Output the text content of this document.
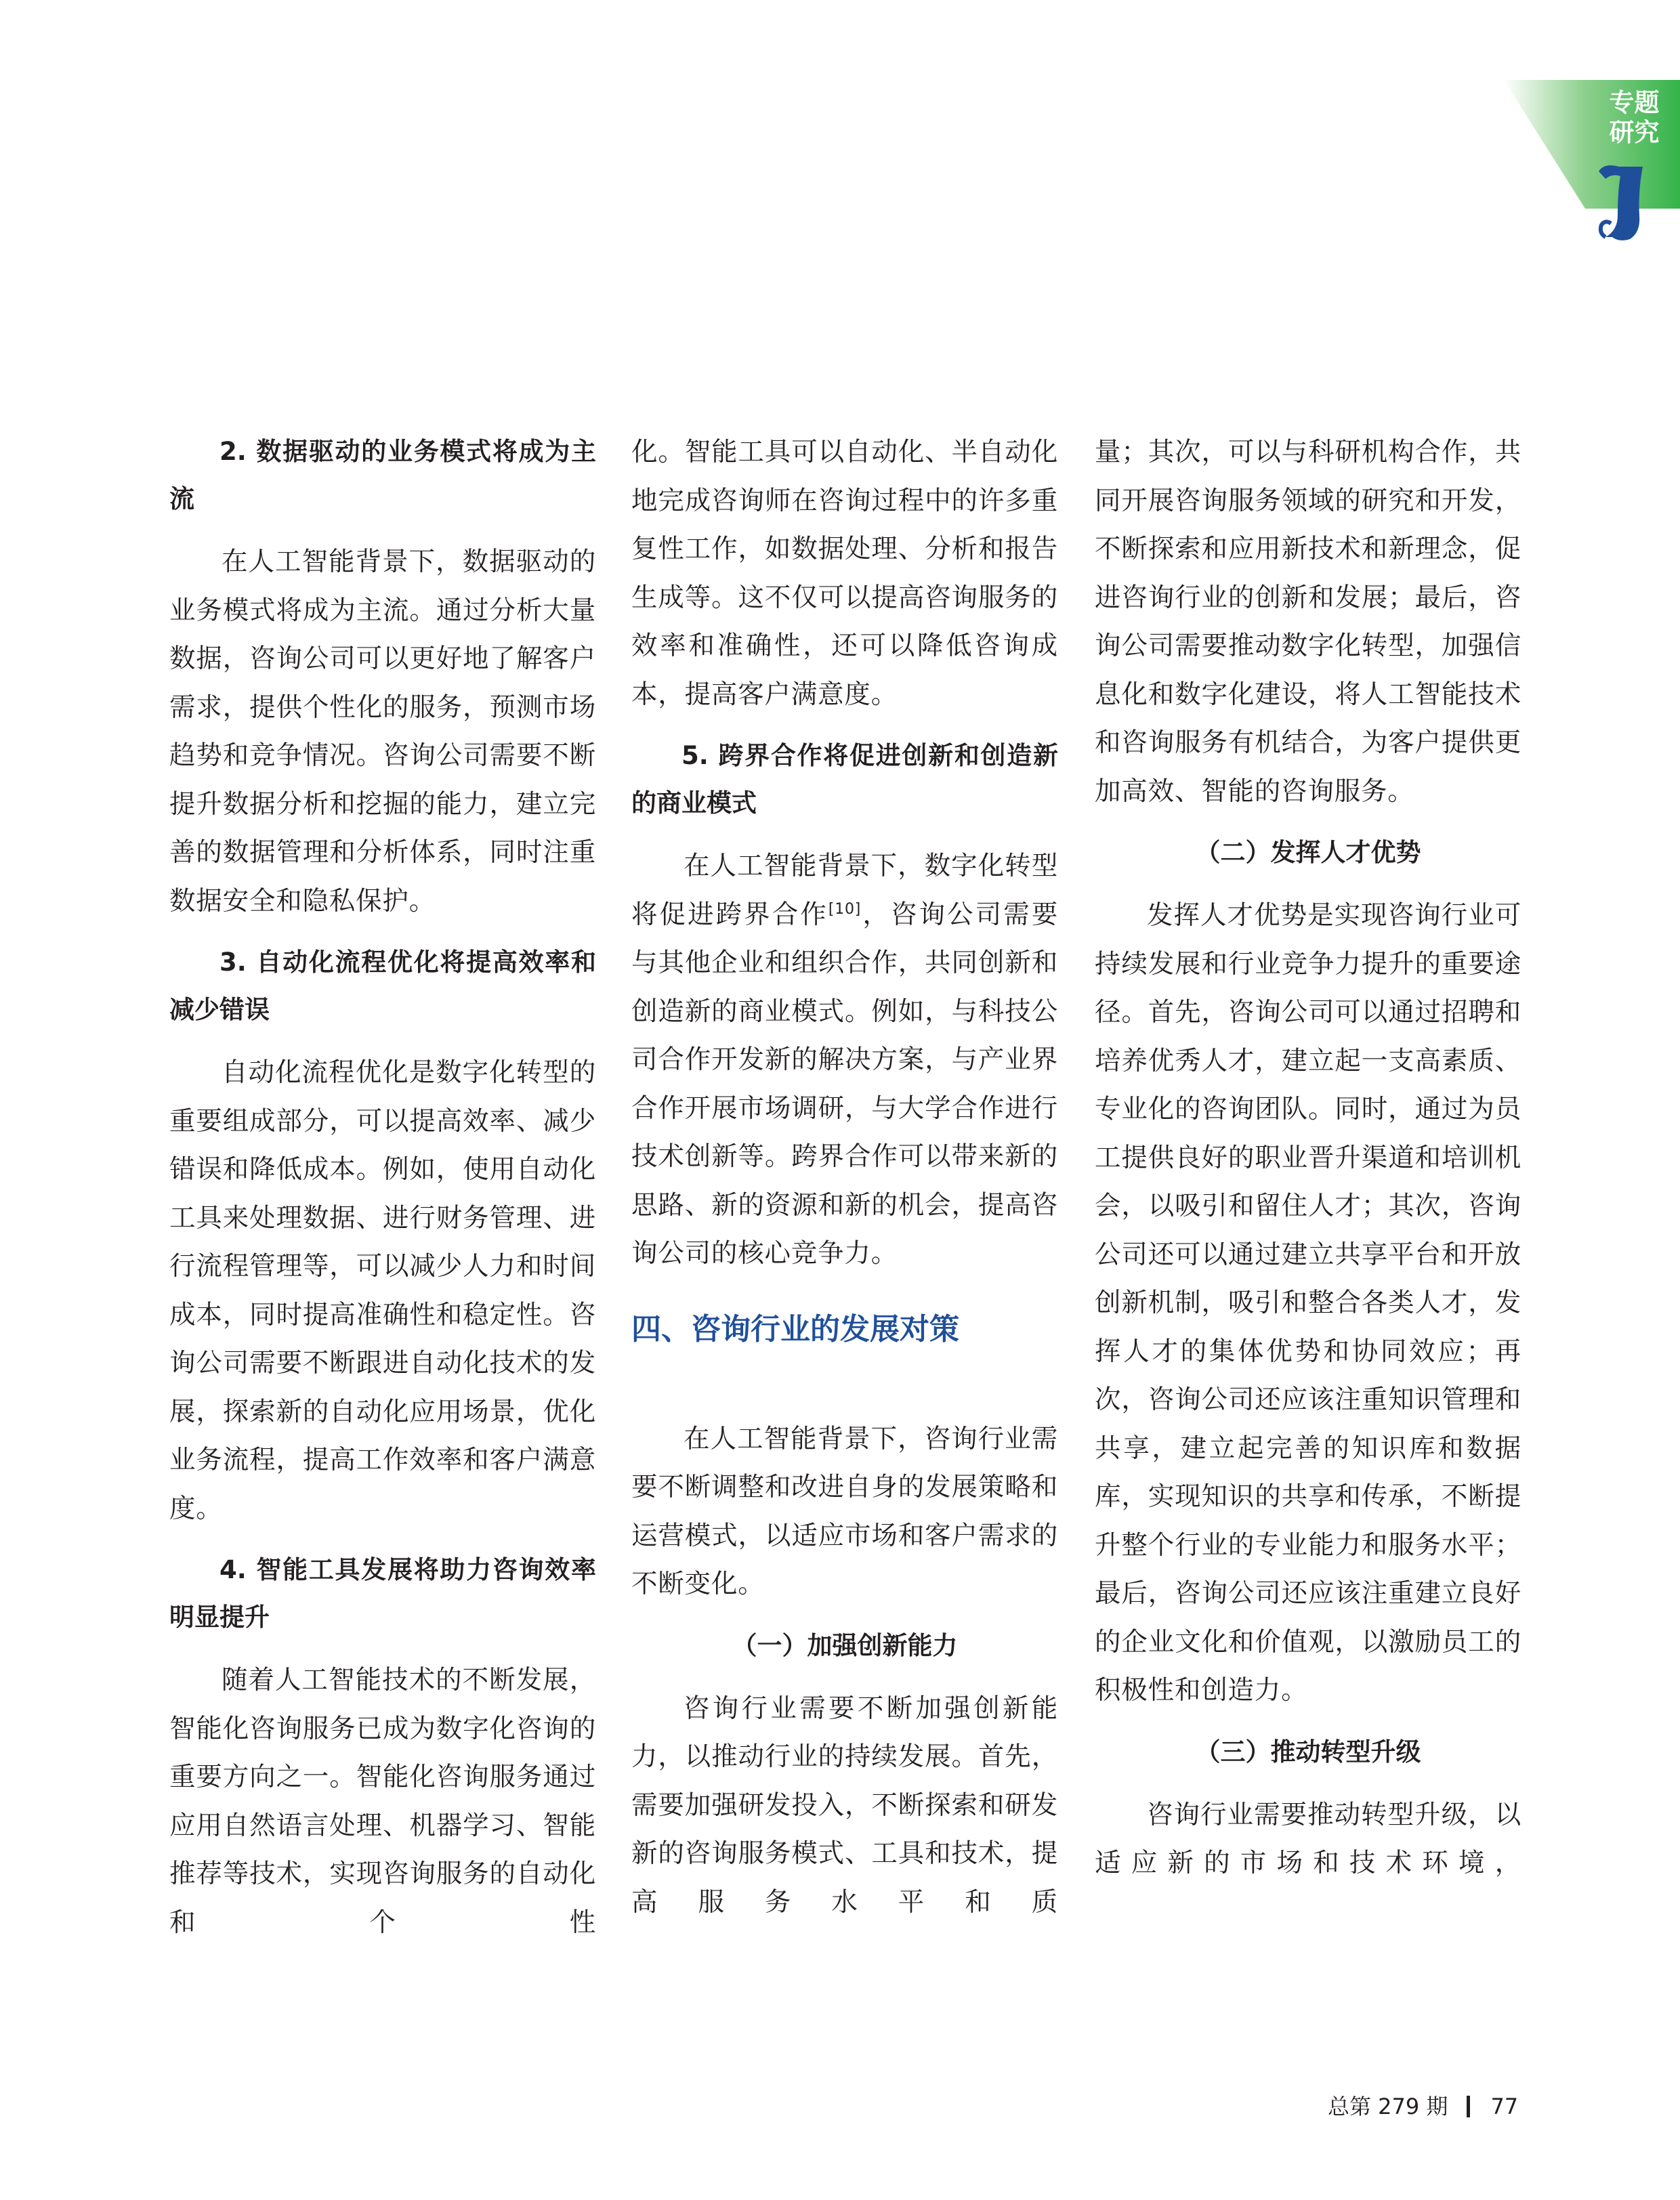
专题
研究
2. 数据驱动的业务模式将成为主流

在人工智能背景下，数据驱动的业务模式将成为主流。通过分析大量数据，咨询公司可以更好地了解客户需求，提供个性化的服务，预测市场趋势和竞争情况。咨询公司需要不断提升数据分析和挖掘的能力，建立完善的数据管理和分析体系，同时注重数据安全和隐私保护。

3. 自动化流程优化将提高效率和减少错误

自动化流程优化是数字化转型的重要组成部分，可以提高效率、减少错误和降低成本。例如，使用自动化工具来处理数据、进行财务管理、进行流程管理等，可以减少人力和时间成本，同时提高准确性和稳定性。咨询公司需要不断跟进自动化技术的发展，探索新的自动化应用场景，优化业务流程，提高工作效率和客户满意度。

4. 智能工具发展将助力咨询效率明显提升

随着人工智能技术的不断发展，智能化咨询服务已成为数字化咨询的重要方向之一。智能化咨询服务通过应用自然语言处理、机器学习、智能推荐等技术，实现咨询服务的自动化和个性

化。智能工具可以自动化、半自动化地完成咨询师在咨询过程中的许多重复性工作，如数据处理、分析和报告生成等。这不仅可以提高咨询服务的效率和准确性，还可以降低咨询成本，提高客户满意度。

5. 跨界合作将促进创新和创造新的商业模式

在人工智能背景下，数字化转型将促进跨界合作[10]，咨询公司需要与其他企业和组织合作，共同创新和创造新的商业模式。例如，与科技公司合作开发新的解决方案，与产业界合作开展市场调研，与大学合作进行技术创新等。跨界合作可以带来新的思路、新的资源和新的机会，提高咨询公司的核心竞争力。

四、咨询行业的发展对策

在人工智能背景下，咨询行业需要不断调整和改进自身的发展策略和运营模式，以适应市场和客户需求的不断变化。

（一）加强创新能力

咨询行业需要不断加强创新能力，以推动行业的持续发展。首先，需要加强研发投入，不断探索和研发新的咨询服务模式、工具和技术，提高服务水平和质

量；其次，可以与科研机构合作，共同开展咨询服务领域的研究和开发，不断探索和应用新技术和新理念，促进咨询行业的创新和发展；最后，咨询公司需要推动数字化转型，加强信息化和数字化建设，将人工智能技术和咨询服务有机结合，为客户提供更加高效、智能的咨询服务。

（二）发挥人才优势

发挥人才优势是实现咨询行业可持续发展和行业竞争力提升的重要途径。首先，咨询公司可以通过招聘和培养优秀人才，建立起一支高素质、专业化的咨询团队。同时，通过为员工提供良好的职业晋升渠道和培训机会，以吸引和留住人才；其次，咨询公司还可以通过建立共享平台和开放创新机制，吸引和整合各类人才，发挥人才的集体优势和协同效应；再次，咨询公司还应该注重知识管理和共享，建立起完善的知识库和数据库，实现知识的共享和传承，不断提升整个行业的专业能力和服务水平；最后，咨询公司还应该注重建立良好的企业文化和价值观，以激励员工的积极性和创造力。

（三）推动转型升级

咨询行业需要推动转型升级，以适应新的市场和技术环境，

总第 279 期 77
